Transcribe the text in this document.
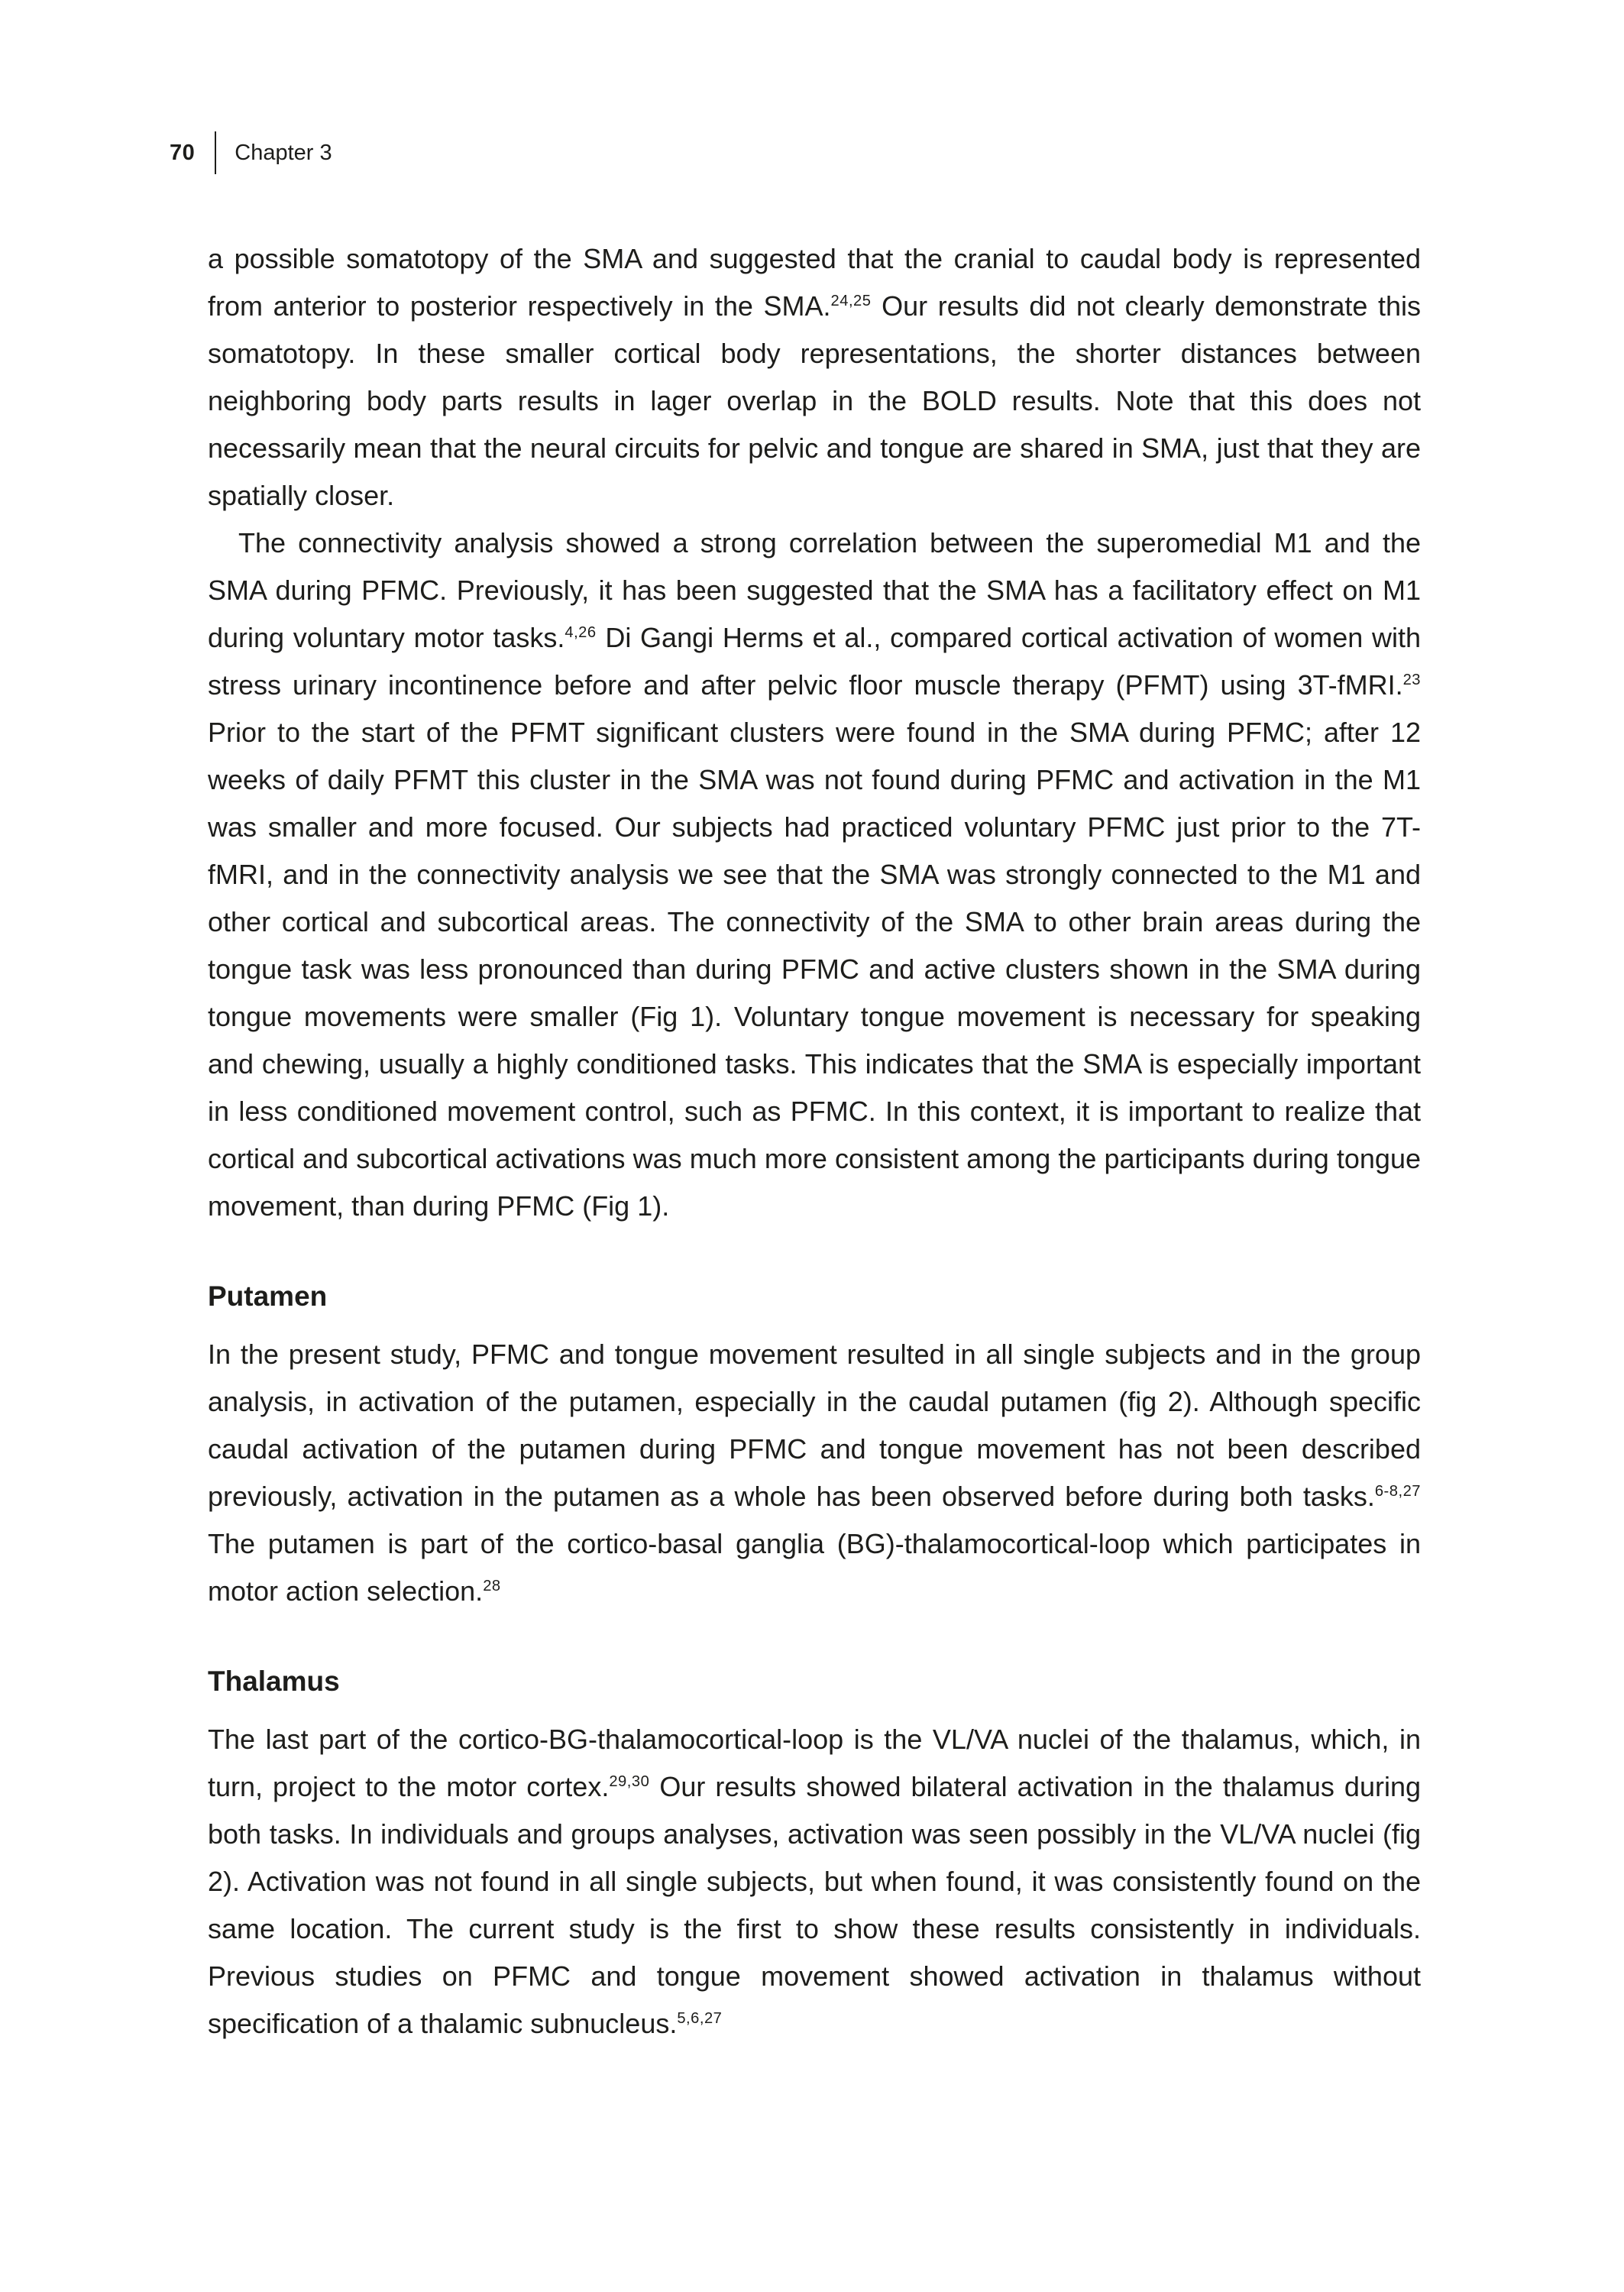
70 Chapter 3

a possible somatotopy of the SMA and suggested that the cranial to caudal body is represented from anterior to posterior respectively in the SMA.$^{24,25}$ Our results did not clearly demonstrate this somatotopy. In these smaller cortical body representations, the shorter distances between neighboring body parts results in lager overlap in the BOLD results. Note that this does not necessarily mean that the neural circuits for pelvic and tongue are shared in SMA, just that they are spatially closer.

The connectivity analysis showed a strong correlation between the superomedial M1 and the SMA during PFMC. Previously, it has been suggested that the SMA has a facilitatory effect on M1 during voluntary motor tasks.$^{4,26}$ Di Gangi Herms et al., compared cortical activation of women with stress urinary incontinence before and after pelvic floor muscle therapy (PFMT) using 3T-fMRI.$^{23}$ Prior to the start of the PFMT significant clusters were found in the SMA during PFMC; after 12 weeks of daily PFMT this cluster in the SMA was not found during PFMC and activation in the M1 was smaller and more focused. Our subjects had practiced voluntary PFMC just prior to the 7T-fMRI, and in the connectivity analysis we see that the SMA was strongly connected to the M1 and other cortical and subcortical areas. The connectivity of the SMA to other brain areas during the tongue task was less pronounced than during PFMC and active clusters shown in the SMA during tongue movements were smaller (Fig 1). Voluntary tongue movement is necessary for speaking and chewing, usually a highly conditioned tasks. This indicates that the SMA is especially important in less conditioned movement control, such as PFMC. In this context, it is important to realize that cortical and subcortical activations was much more consistent among the participants during tongue movement, than during PFMC (Fig 1).

Putamen

In the present study, PFMC and tongue movement resulted in all single subjects and in the group analysis, in activation of the putamen, especially in the caudal putamen (fig 2). Although specific caudal activation of the putamen during PFMC and tongue movement has not been described previously, activation in the putamen as a whole has been observed before during both tasks.$^{6-8,27}$ The putamen is part of the cortico-basal ganglia (BG)-thalamocortical-loop which participates in motor action selection.$^{28}$

Thalamus

The last part of the cortico-BG-thalamocortical-loop is the VL/VA nuclei of the thalamus, which, in turn, project to the motor cortex.$^{29,30}$ Our results showed bilateral activation in the thalamus during both tasks. In individuals and groups analyses, activation was seen possibly in the VL/VA nuclei (fig 2). Activation was not found in all single subjects, but when found, it was consistently found on the same location. The current study is the first to show these results consistently in individuals. Previous studies on PFMC and tongue movement showed activation in thalamus without specification of a thalamic subnucleus.$^{5,6,27}$
